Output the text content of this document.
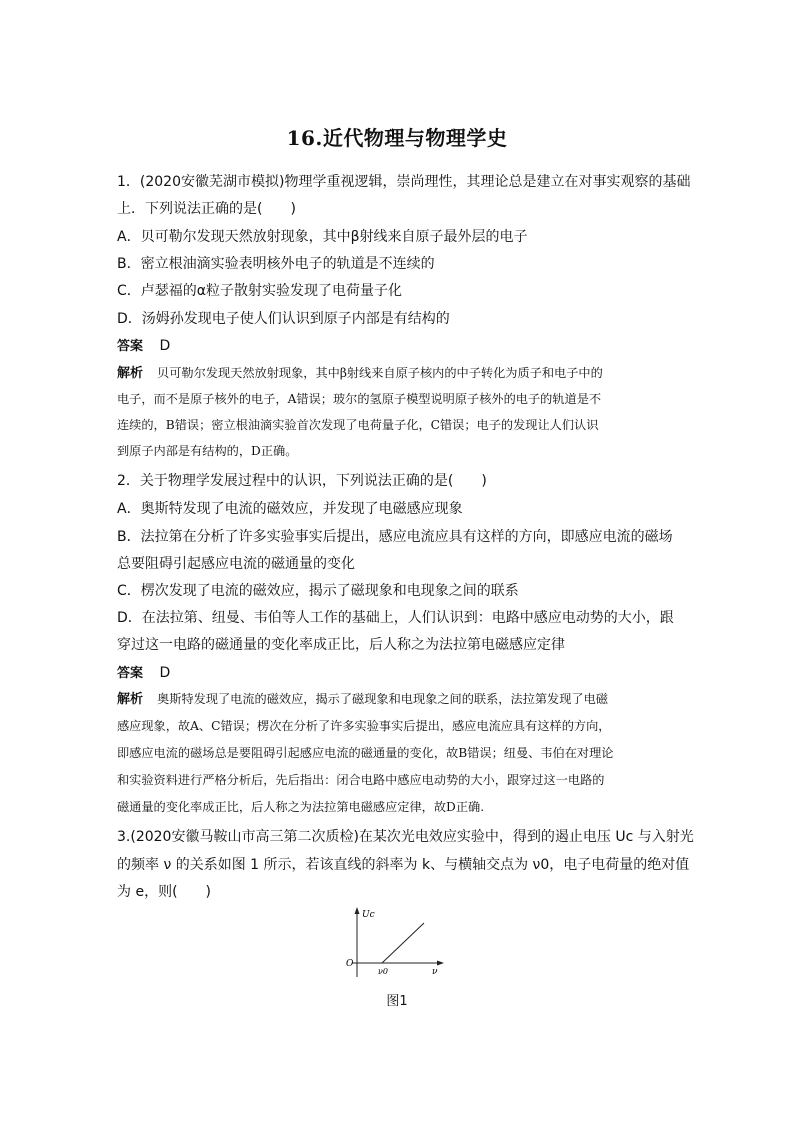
16.近代物理与物理学史
1．(2020安徽芜湖市模拟)物理学重视逻辑，崇尚理性，其理论总是建立在对事实观察的基础
上．下列说法正确的是(　　)
A．贝可勒尔发现天然放射现象，其中β射线来自原子最外层的电子
B．密立根油滴实验表明核外电子的轨道是不连续的
C．卢瑟福的α粒子散射实验发现了电荷量子化
D．汤姆孙发现电子使人们认识到原子内部是有结构的
答案 D
解析 贝可勒尔发现天然放射现象，其中β射线来自原子核内的中子转化为质子和电子中的
电子，而不是原子核外的电子，A错误；玻尔的氢原子模型说明原子核外的电子的轨道是不
连续的，B错误；密立根油滴实验首次发现了电荷量子化，C错误；电子的发现让人们认识
到原子内部是有结构的，D正确。
2．关于物理学发展过程中的认识，下列说法正确的是(　　)
A．奥斯特发现了电流的磁效应，并发现了电磁感应现象
B．法拉第在分析了许多实验事实后提出，感应电流应具有这样的方向，即感应电流的磁场
总要阻碍引起感应电流的磁通量的变化
C．楞次发现了电流的磁效应，揭示了磁现象和电现象之间的联系
D．在法拉第、纽曼、韦伯等人工作的基础上，人们认识到：电路中感应电动势的大小，跟
穿过这一电路的磁通量的变化率成正比，后人称之为法拉第电磁感应定律
答案 D
解析 奥斯特发现了电流的磁效应，揭示了磁现象和电现象之间的联系，法拉第发现了电磁
感应现象，故A、C错误；楞次在分析了许多实验事实后提出，感应电流应具有这样的方向，
即感应电流的磁场总是要阻碍引起感应电流的磁通量的变化，故B错误；纽曼、韦伯在对理论
和实验资料进行严格分析后，先后指出：闭合电路中感应电动势的大小，跟穿过这一电路的
磁通量的变化率成正比，后人称之为法拉第电磁感应定律，故D正确.
3.(2020安徽马鞍山市高三第二次质检)在某次光电效应实验中，得到的遏止电压 Uc 与入射光
的频率 ν 的关系如图 1 所示，若该直线的斜率为 k、与横轴交点为 ν0，电子电荷量的绝对值
为 e，则(　　)
Uc
O
ν0	ν
图1
